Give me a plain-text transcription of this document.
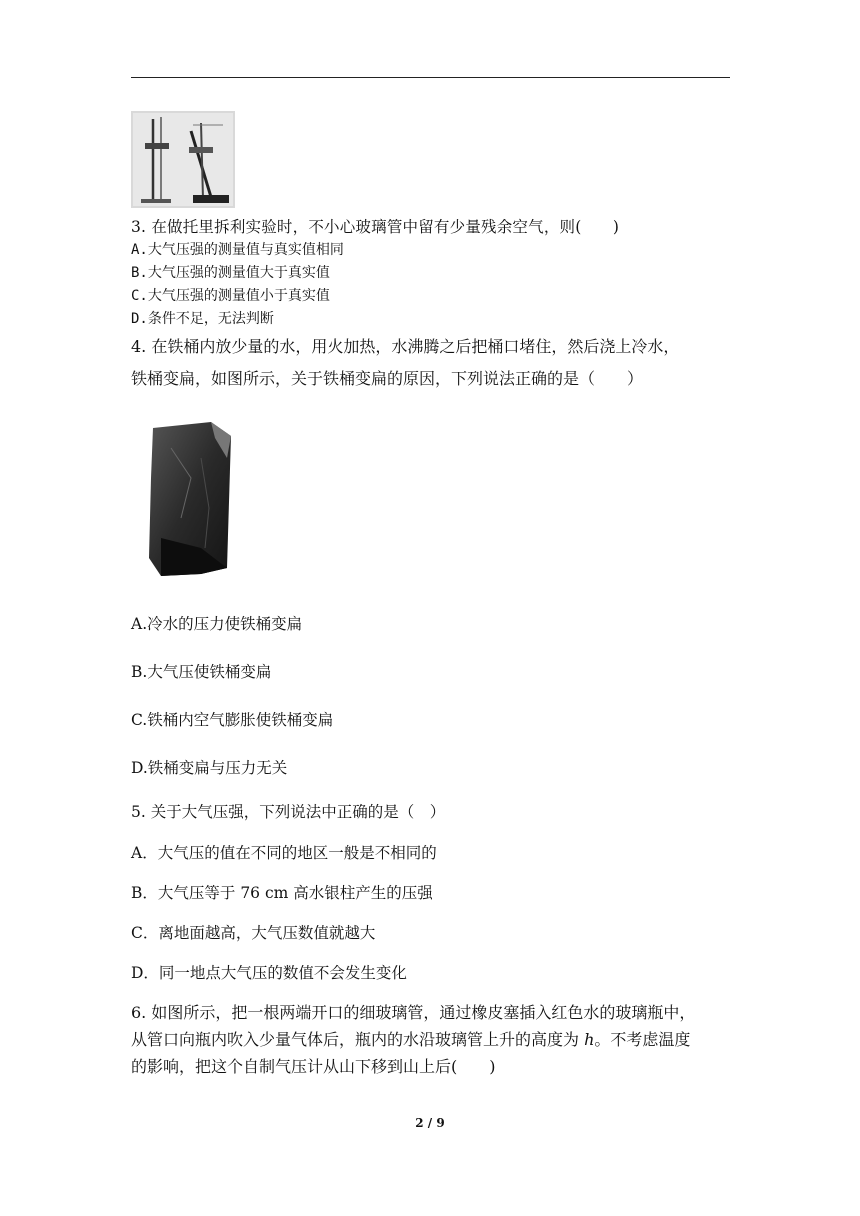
3. 在做托里拆利实验时，不小心玻璃管中留有少量残余空气，则(　　)
A.大气压强的测量值与真实值相同
B.大气压强的测量值大于真实值
C.大气压强的测量值小于真实值
D.条件不足，无法判断
4. 在铁桶内放少量的水，用火加热，水沸腾之后把桶口堵住，然后浇上冷水，
铁桶变扁，如图所示，关于铁桶变扁的原因，下列说法正确的是（　　）
A.冷水的压力使铁桶变扁
B.大气压使铁桶变扁
C.铁桶内空气膨胀使铁桶变扁
D.铁桶变扁与压力无关
5. 关于大气压强，下列说法中正确的是（　）
A．大气压的值在不同的地区一般是不相同的
B．大气压等于 76 cm 高水银柱产生的压强
C．离地面越高，大气压数值就越大
D．同一地点大气压的数值不会发生变化
6. 如图所示，把一根两端开口的细玻璃管，通过橡皮塞插入红色水的玻璃瓶中，
从管口向瓶内吹入少量气体后，瓶内的水沿玻璃管上升的高度为 h。不考虑温度
的影响，把这个自制气压计从山下移到山上后(　　)
2 / 9
